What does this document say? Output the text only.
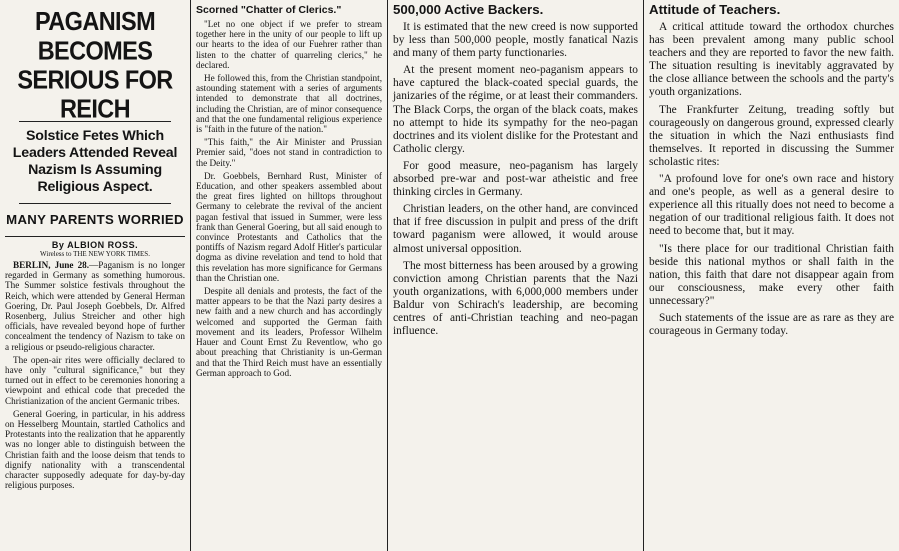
PAGANISM BECOMES SERIOUS FOR REICH
Solstice Fetes Which Leaders Attended Reveal Nazism Is Assuming Religious Aspect.
MANY PARENTS WORRIED
By ALBION ROSS.
Wireless to THE NEW YORK TIMES.

BERLIN, June 28.—Paganism is no longer regarded in Germany as something humorous. The Summer solstice festivals throughout the Reich, which were attended by General Herman Goering, Dr. Paul Joseph Goebbels, Dr. Alfred Rosenberg, Julius Streicher and other high officials, have revealed beyond hope of further concealment the tendency of Nazism to take on a religious or pseudo-religious character.

The open-air rites were officially declared to have only "cultural significance," but they turned out in effect to be ceremonies honoring a viewpoint and ethical code that preceded the Christianization of the ancient Germanic tribes.

General Goering, in particular, in his address on Hesselberg Mountain, startled Catholics and Protestants into the realization that he apparently was no longer able to distinguish between the Christian faith and the loose deism that tends to dignify nationality with a transcendental character supposedly adequate for day-by-day religious purposes.

Scorned "Chatter of Clerics."

"Let no one object if we prefer to stream together here in the unity of our people to lift up our hearts to the idea of our Fuehrer rather than listen to the chatter of quarreling clerics," he declared.

He followed this, from the Christian standpoint, astounding statement with a series of arguments intended to demonstrate that all doctrines, including the Christian, are of minor consequence and that the one fundamental religious experience is "faith in the future of the nation."

"This faith," the Air Minister and Prussian Premier said, "does not stand in contradiction to the Deity."

Dr. Goebbels, Bernhard Rust, Minister of Education, and other speakers assembled about the great fires lighted on hilltops throughout Germany to celebrate the revival of the ancient pagan festival that issued in Summer, were less frank than General Goering, but all said enough to convince Protestants and Catholics that the pontiffs of Nazism regard Adolf Hitler's particular dogma as divine revelation and tend to hold that this revelation has more significance for Germans than the Christian one.

Despite all denials and protests, the fact of the matter appears to be that the Nazi party desires a new faith and a new church and has accordingly welcomed and supported the German faith movement and its leaders, Professor Wilhelm Hauer and Count Ernst Zu Reventlow, who go about preaching that Christianity is un-German and that the Third Reich must have an essentially German approach to God.

500,000 Active Backers.

It is estimated that the new creed is now supported by less than 500,000 people, mostly fanatical Nazis and many of them party functionaries.

At the present moment neo-paganism appears to have captured the black-coated special guards, the janizaries of the régime, or at least their commanders. The Black Corps, the organ of the black coats, makes no attempt to hide its sympathy for the neo-pagan doctrines and its violent dislike for the Protestant and Catholic clergy.

For good measure, neo-paganism has largely absorbed pre-war and post-war atheistic and free thinking circles in Germany.

Christian leaders, on the other hand, are convinced that if free discussion in pulpit and press of the drift toward paganism were allowed, it would arouse almost universal opposition.

The most bitterness has been aroused by a growing conviction among Christian parents that the Nazi youth organizations, with 6,000,000 members under Baldur von Schirach's leadership, are becoming centres of anti-Christian teaching and neo-pagan influence.

Attitude of Teachers.

A critical attitude toward the orthodox churches has been prevalent among many public school teachers and they are reported to favor the new faith. The situation resulting is inevitably aggravated by the close alliance between the schools and the party's youth organizations.

The Frankfurter Zeitung, treading softly but courageously on dangerous ground, expressed clearly the situation in which the Nazi enthusiasts find themselves. It reported in discussing the Summer scholastic rites:

"A profound love for one's own race and history and one's people, as well as a general desire to experience all this ritually does not need to become a negation of our traditional religious faith. It does not need to become that, but it may.

"Is there place for our traditional Christian faith beside this national mythos or shall faith in the nation, this faith that dare not disappear again from our consciousness, make every other faith unnecessary?"

Such statements of the issue are as rare as they are courageous in Germany today.
